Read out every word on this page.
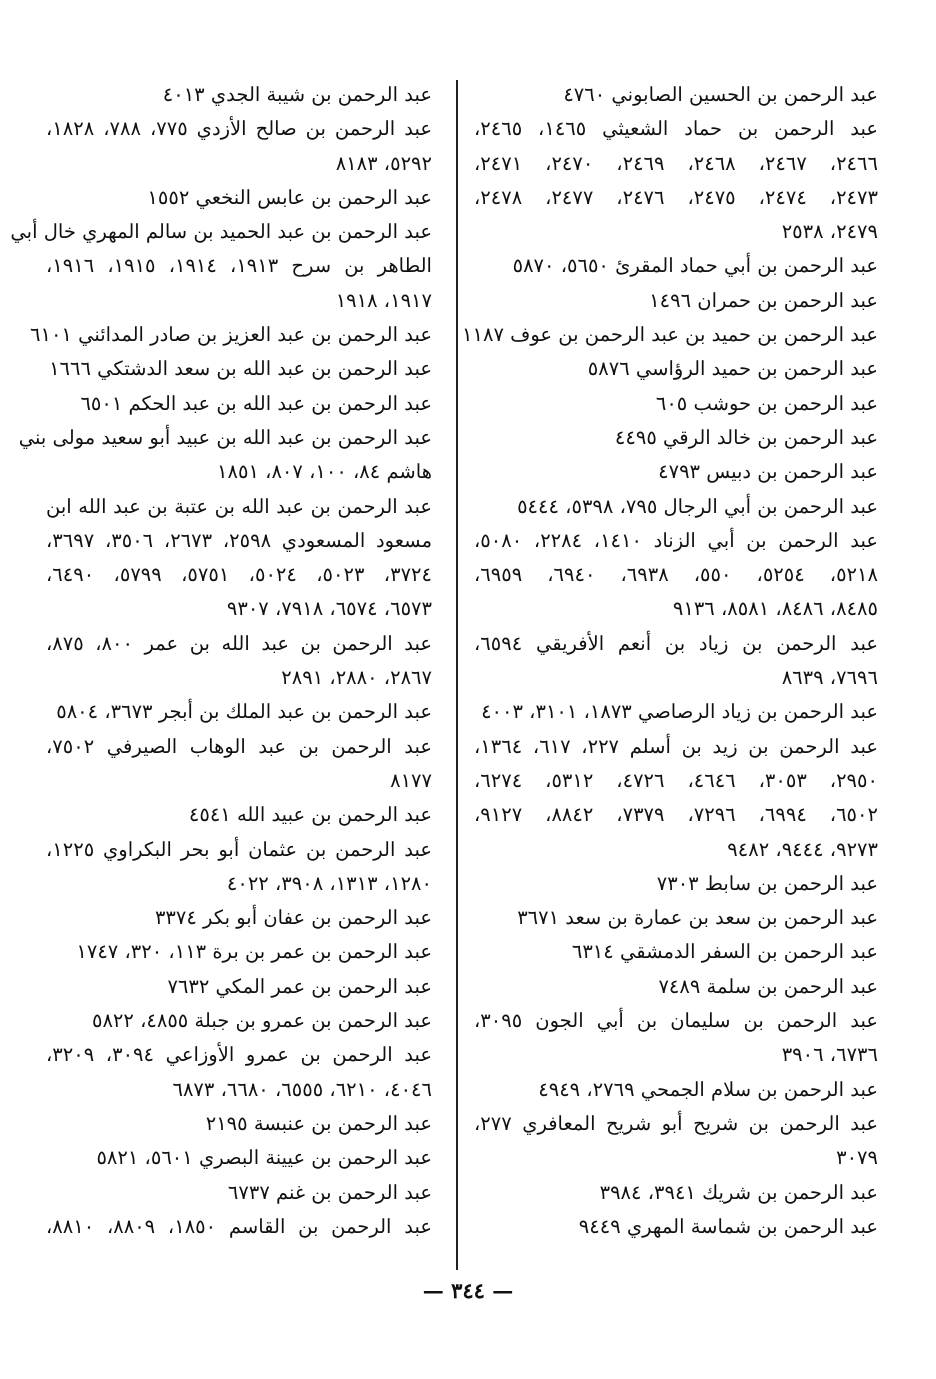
عبد الرحمن بن الحسين الصابوني ٤٧٦٠
عبد الرحمن بن حماد الشعيثي ١٤٦٥، ٢٤٦٥،
٢٤٦٦، ٢٤٦٧، ٢٤٦٨، ٢٤٦٩، ٢٤٧٠، ٢٤٧١،
٢٤٧٣، ٢٤٧٤، ٢٤٧٥، ٢٤٧٦، ٢٤٧٧، ٢٤٧٨،
٢٤٧٩، ٢٥٣٨
عبد الرحمن بن أبي حماد المقرئ ٥٦٥٠، ٥٨٧٠
عبد الرحمن بن حمران ١٤٩٦
عبد الرحمن بن حميد بن عبد الرحمن بن عوف ١١٨٧
عبد الرحمن بن حميد الرؤاسي ٥٨٧٦
عبد الرحمن بن حوشب ٦٠٥
عبد الرحمن بن خالد الرقي ٤٤٩٥
عبد الرحمن بن دبيس ٤٧٩٣
عبد الرحمن بن أبي الرجال ٧٩٥، ٥٣٩٨، ٥٤٤٤
عبد الرحمن بن أبي الزناد ١٤١٠، ٢٢٨٤، ٥٠٨٠،
٥٢١٨، ٥٢٥٤، ٥٥٠، ٦٩٣٨، ٦٩٤٠، ٦٩٥٩،
٨٤٨٥، ٨٤٨٦، ٨٥٨١، ٩١٣٦
عبد الرحمن بن زياد بن أنعم الأفريقي ٦٥٩٤،
٧٦٩٦، ٨٦٣٩
عبد الرحمن بن زياد الرصاصي ١٨٧٣، ٣١٠١، ٤٠٠٣
عبد الرحمن بن زيد بن أسلم ٢٢٧، ٦١٧، ١٣٦٤،
٢٩٥٠، ٣٠٥٣، ٤٦٤٦، ٤٧٢٦، ٥٣١٢، ٦٢٧٤،
٦٥٠٢، ٦٩٩٤، ٧٢٩٦، ٧٣٧٩، ٨٨٤٢، ٩١٢٧،
٩٢٧٣، ٩٤٤٤، ٩٤٨٢
عبد الرحمن بن سابط ٧٣٠٣
عبد الرحمن بن سعد بن عمارة بن سعد ٣٦٧١
عبد الرحمن بن السفر الدمشقي ٦٣١٤
عبد الرحمن بن سلمة ٧٤٨٩
عبد الرحمن بن سليمان بن أبي الجون ٣٠٩٥،
٦٧٣٦، ٣٩٠٦
عبد الرحمن بن سلام الجمحي ٢٧٦٩، ٤٩٤٩
عبد الرحمن بن شريح أبو شريح المعافري ٢٧٧،
٣٠٧٩
عبد الرحمن بن شريك ٣٩٤١، ٣٩٨٤
عبد الرحمن بن شماسة المهري ٩٤٤٩
عبد الرحمن بن شيبة الجدي ٤٠١٣
عبد الرحمن بن صالح الأزدي ٧٧٥، ٧٨٨، ١٨٢٨،
٥٢٩٢، ٨١٨٣
عبد الرحمن بن عابس النخعي ١٥٥٢
عبد الرحمن بن عبد الحميد بن سالم المهري خال أبي
الطاهر بن سرح ١٩١٣، ١٩١٤، ١٩١٥، ١٩١٦،
١٩١٧، ١٩١٨
عبد الرحمن بن عبد العزيز بن صادر المدائني ٦١٠١
عبد الرحمن بن عبد الله بن سعد الدشتكي ١٦٦٦
عبد الرحمن بن عبد الله بن عبد الحكم ٦٥٠١
عبد الرحمن بن عبد الله بن عبيد أبو سعيد مولى بني
هاشم ٨٤، ١٠٠، ٨٠٧، ١٨٥١
عبد الرحمن بن عبد الله بن عتبة بن عبد الله ابن
مسعود المسعودي ٢٥٩٨، ٢٦٧٣، ٣٥٠٦، ٣٦٩٧،
٣٧٢٤، ٥٠٢٣، ٥٠٢٤، ٥٧٥١، ٥٧٩٩، ٦٤٩٠،
٦٥٧٣، ٦٥٧٤، ٧٩١٨، ٩٣٠٧
عبد الرحمن بن عبد الله بن عمر ٨٠٠، ٨٧٥،
٢٨٦٧، ٢٨٨٠، ٢٨٩١
عبد الرحمن بن عبد الملك بن أبجر ٣٦٧٣، ٥٨٠٤
عبد الرحمن بن عبد الوهاب الصيرفي ٧٥٠٢،
٨١٧٧
عبد الرحمن بن عبيد الله ٤٥٤١
عبد الرحمن بن عثمان أبو بحر البكراوي ١٢٢٥،
١٢٨٠، ١٣١٣، ٣٩٠٨، ٤٠٢٢
عبد الرحمن بن عفان أبو بكر ٣٣٧٤
عبد الرحمن بن عمر بن برة ١١٣، ٣٢٠، ١٧٤٧
عبد الرحمن بن عمر المكي ٧٦٣٢
عبد الرحمن بن عمرو بن جبلة ٤٨٥٥، ٥٨٢٢
عبد الرحمن بن عمرو الأوزاعي ٣٠٩٤، ٣٢٠٩،
٤٠٤٦، ٦٢١٠، ٦٥٥٥، ٦٦٨٠، ٦٨٧٣
عبد الرحمن بن عنبسة ٢١٩٥
عبد الرحمن بن عيينة البصري ٥٦٠١، ٥٨٢١
عبد الرحمن بن غنم ٦٧٣٧
عبد الرحمن بن القاسم ١٨٥٠، ٨٨٠٩، ٨٨١٠،
— ٣٤٤ —
